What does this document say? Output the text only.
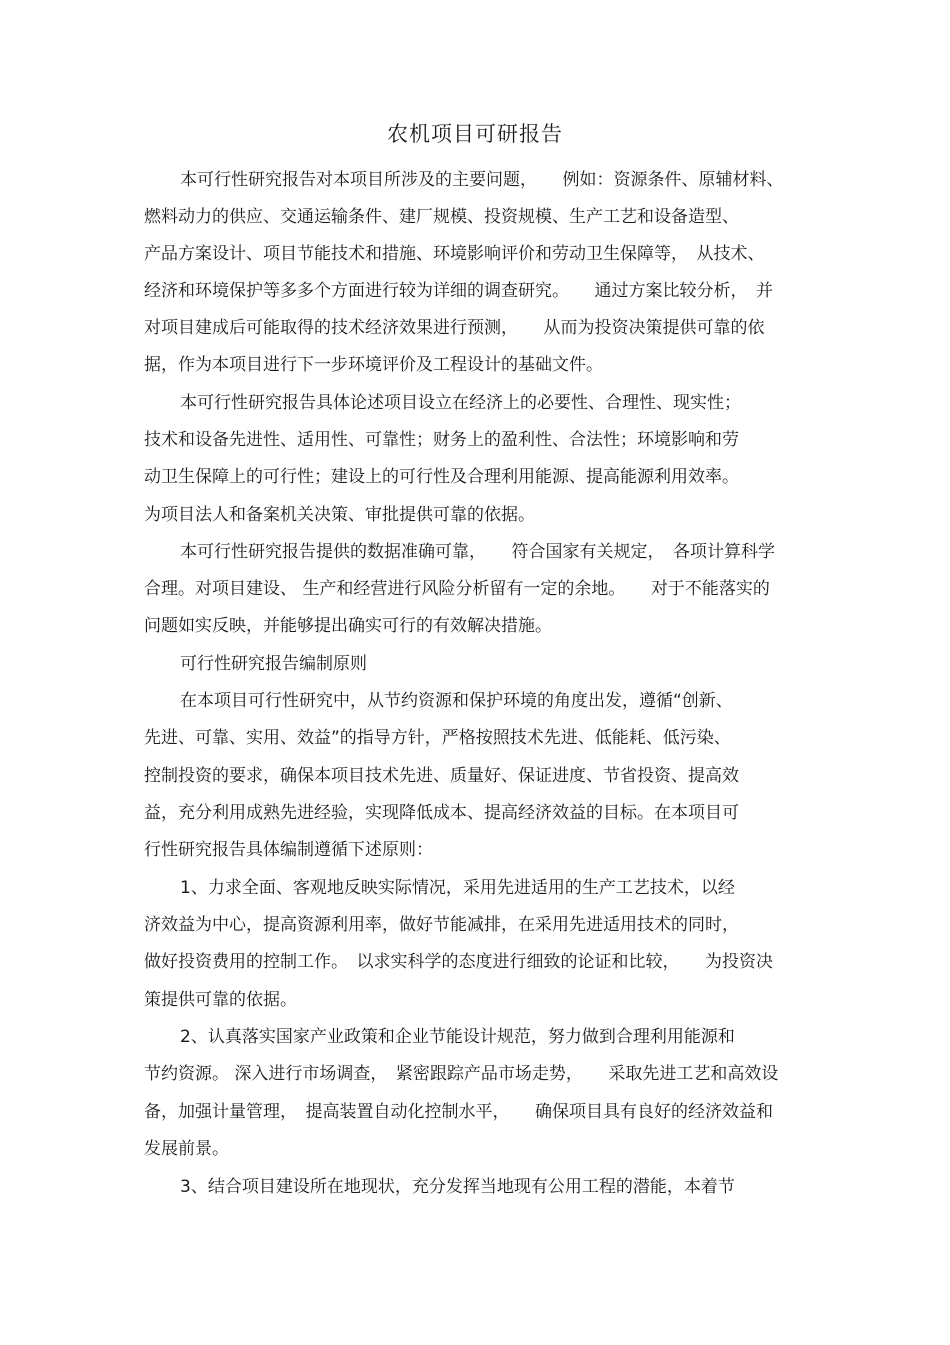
农机项目可研报告
本可行性研究报告对本项目所涉及的主要问题，　　例如：资源条件、原辅材料、
燃料动力的供应、交通运输条件、建厂规模、投资规模、生产工艺和设备造型、
产品方案设计、项目节能技术和措施、环境影响评价和劳动卫生保障等，　从技术、
经济和环境保护等多多个方面进行较为详细的调查研究。　　通过方案比较分析，　并
对项目建成后可能取得的技术经济效果进行预测，　　从而为投资决策提供可靠的依
据，作为本项目进行下一步环境评价及工程设计的基础文件。
本可行性研究报告具体论述项目设立在经济上的必要性、合理性、现实性；
技术和设备先进性、适用性、可靠性；财务上的盈利性、合法性；环境影响和劳
动卫生保障上的可行性；建设上的可行性及合理利用能源、提高能源利用效率。
为项目法人和备案机关决策、审批提供可靠的依据。
本可行性研究报告提供的数据准确可靠，　　符合国家有关规定，　各项计算科学
合理。对项目建设、 生产和经营进行风险分析留有一定的余地。　　对于不能落实的
问题如实反映，并能够提出确实可行的有效解决措施。
可行性研究报告编制原则
在本项目可行性研究中，从节约资源和保护环境的角度出发，遵循“创新、
先进、可靠、实用、效益”的指导方针，严格按照技术先进、低能耗、低污染、
控制投资的要求，确保本项目技术先进、质量好、保证进度、节省投资、提高效
益，充分利用成熟先进经验，实现降低成本、提高经济效益的目标。在本项目可
行性研究报告具体编制遵循下述原则：
1、力求全面、客观地反映实际情况，采用先进适用的生产工艺技术，以经
济效益为中心，提高资源利用率，做好节能减排，在采用先进适用技术的同时，
做好投资费用的控制工作。　以求实科学的态度进行细致的论证和比较，　　为投资决
策提供可靠的依据。
2、认真落实国家产业政策和企业节能设计规范，努力做到合理利用能源和
节约资源。 深入进行市场调查，　紧密跟踪产品市场走势，　　采取先进工艺和高效设
备，加强计量管理，　提高装置自动化控制水平，　　确保项目具有良好的经济效益和
发展前景。
3、结合项目建设所在地现状，充分发挥当地现有公用工程的潜能，本着节
